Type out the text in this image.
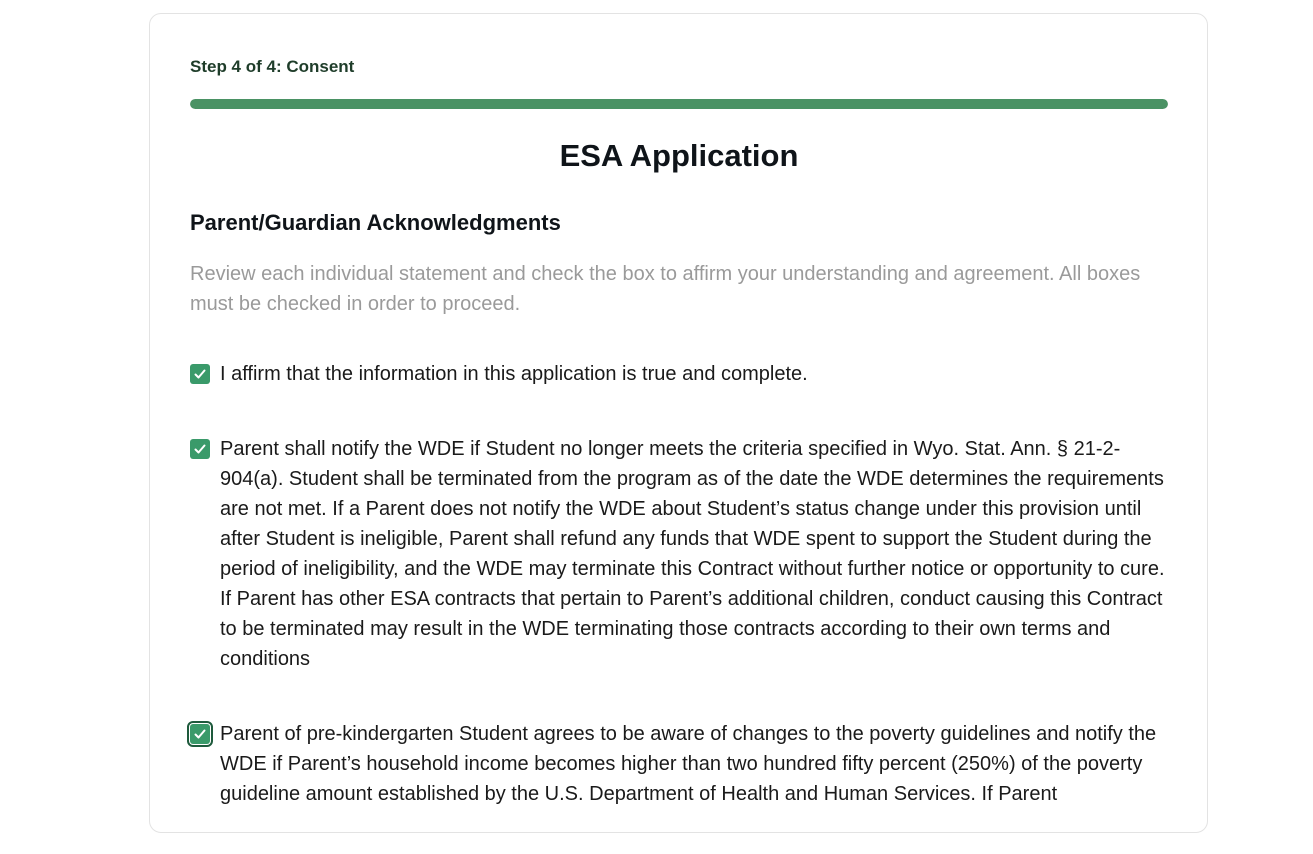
Step 4 of 4: Consent
ESA Application
Parent/Guardian Acknowledgments

Review each individual statement and check the box to affirm your understanding and agreement. All boxes must be checked in order to proceed.

I affirm that the information in this application is true and complete.
Parent shall notify the WDE if Student no longer meets the criteria specified in Wyo. Stat. Ann. § 21-2-904(a). Student shall be terminated from the program as of the date the WDE determines the requirements are not met. If a Parent does not notify the WDE about Student’s status change under this provision until after Student is ineligible, Parent shall refund any funds that WDE spent to support the Student during the period of ineligibility, and the WDE may terminate this Contract without further notice or opportunity to cure. If Parent has other ESA contracts that pertain to Parent’s additional children, conduct causing this Contract to be terminated may result in the WDE terminating those contracts according to their own terms and conditions
Parent of pre-kindergarten Student agrees to be aware of changes to the poverty guidelines and notify the WDE if Parent’s household income becomes higher than two hundred fifty percent (250%) of the poverty guideline amount established by the U.S. Department of Health and Human Services. If Parent
